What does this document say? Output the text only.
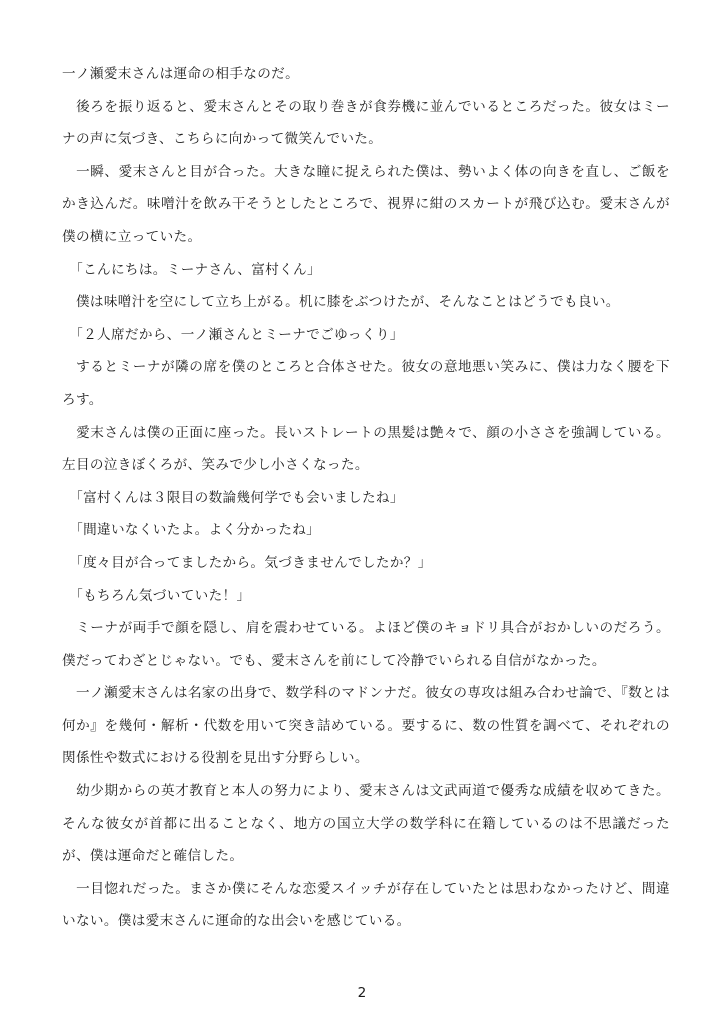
一ノ瀬愛末さんは運命の相手なのだ。

　後ろを振り返ると、愛末さんとその取り巻きが食券機に並んでいるところだった。彼女はミーナの声に気づき、こちらに向かって微笑んでいた。

　一瞬、愛末さんと目が合った。大きな瞳に捉えられた僕は、勢いよく体の向きを直し、ご飯をかき込んだ。味噌汁を飲み干そうとしたところで、視界に紺のスカートが飛び込む。愛末さんが僕の横に立っていた。

　「こんにちは。ミーナさん、富村くん」

　僕は味噌汁を空にして立ち上がる。机に膝をぶつけたが、そんなことはどうでも良い。

　「２人席だから、一ノ瀬さんとミーナでごゆっくり」

　するとミーナが隣の席を僕のところと合体させた。彼女の意地悪い笑みに、僕は力なく腰を下ろす。

　愛末さんは僕の正面に座った。長いストレートの黒髪は艶々で、顔の小ささを強調している。左目の泣きぼくろが、笑みで少し小さくなった。

　「富村くんは３限目の数論幾何学でも会いましたね」

　「間違いなくいたよ。よく分かったね」

　「度々目が合ってましたから。気づきませんでしたか？」

　「もちろん気づいていた！」

　ミーナが両手で顔を隠し、肩を震わせている。よほど僕のキョドリ具合がおかしいのだろう。僕だってわざとじゃない。でも、愛末さんを前にして冷静でいられる自信がなかった。

　一ノ瀬愛末さんは名家の出身で、数学科のマドンナだ。彼女の専攻は組み合わせ論で、『数とは何か』を幾何・解析・代数を用いて突き詰めている。要するに、数の性質を調べて、それぞれの関係性や数式における役割を見出す分野らしい。

　幼少期からの英才教育と本人の努力により、愛末さんは文武両道で優秀な成績を収めてきた。そんな彼女が首都に出ることなく、地方の国立大学の数学科に在籍しているのは不思議だったが、僕は運命だと確信した。

　一目惚れだった。まさか僕にそんな恋愛スイッチが存在していたとは思わなかったけど、間違いない。僕は愛末さんに運命的な出会いを感じている。

2
